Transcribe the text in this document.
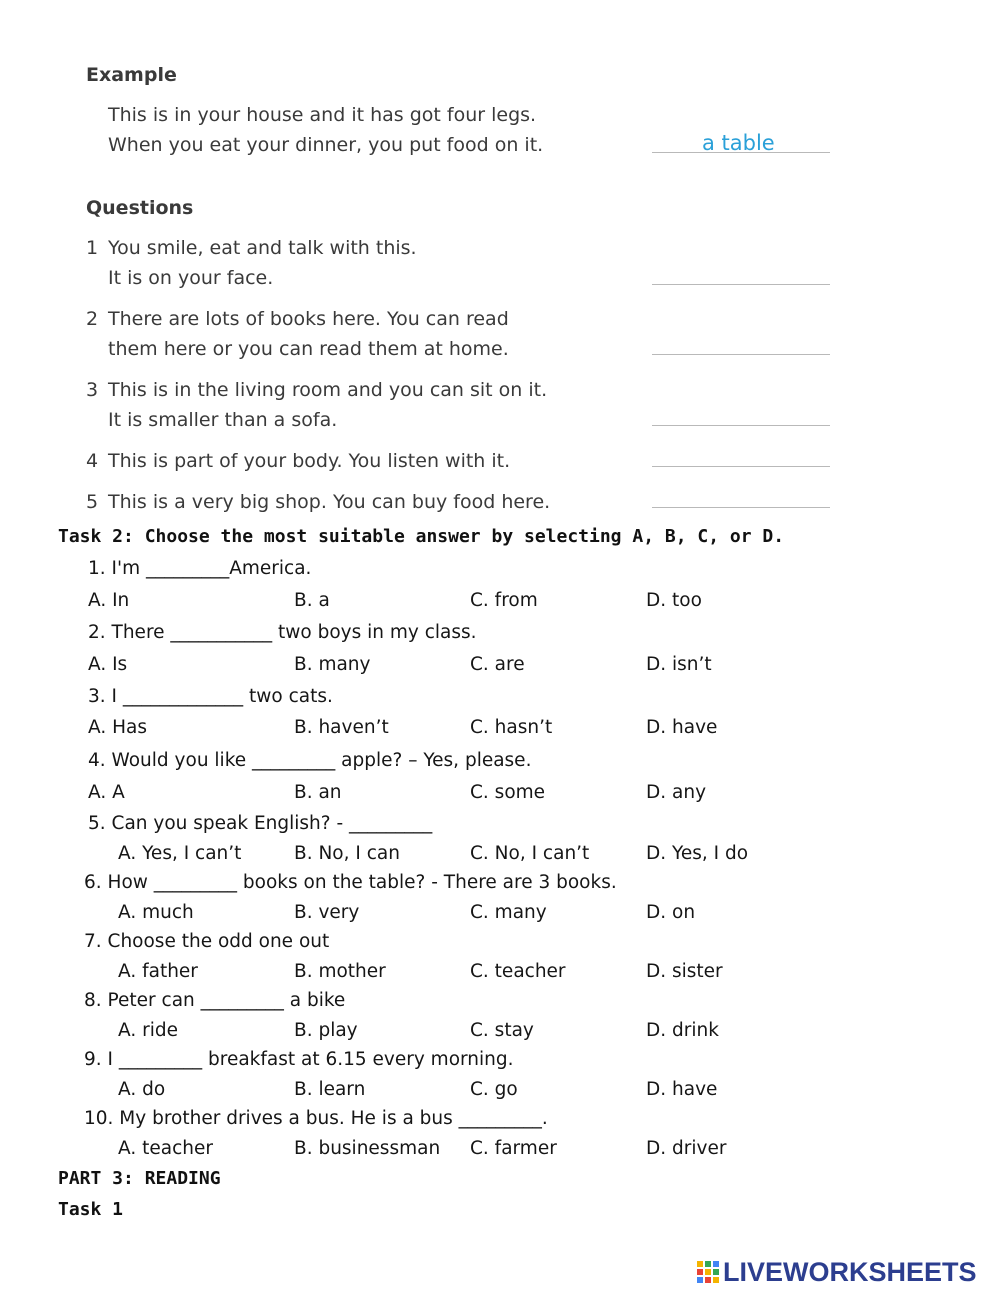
Example
This is in your house and it has got four legs.
When you eat your dinner, you put food on it.	a table
Questions
1 You smile, eat and talk with this.
It is on your face.
2 There are lots of books here. You can read
them here or you can read them at home.
3 This is in the living room and you can sit on it.
It is smaller than a sofa.
4 This is part of your body. You listen with it.
5 This is a very big shop. You can buy food here.
Task 2: Choose the most suitable answer by selecting A, B, C, or D.
1. I'm _________America.
A. In	B. a	C. from	D. too
2. There ___________ two boys in my class.
A. Is	B. many	C. are	D. isn’t
3. I _____________ two cats.
A. Has	B. haven’t	C. hasn’t	D. have
4. Would you like _________ apple? – Yes, please.
A. A	B. an	C. some	D. any
5. Can you speak English? - _________
A. Yes, I can’t	B. No, I can	C. No, I can’t	D. Yes, I do
6. How _________ books on the table? - There are 3 books.
A. much	B. very	C. many	D. on
7. Choose the odd one out
A. father	B. mother	C. teacher	D. sister
8. Peter can _________ a bike
A. ride	B. play	C. stay	D. drink
9. I _________ breakfast at 6.15 every morning.
A. do	B. learn	C. go	D. have
10. My brother drives a bus. He is a bus _________.
A. teacher	B. businessman C. farmer	D. driver
PART 3: READING
Task 1
LIVEWORKSHEETS
